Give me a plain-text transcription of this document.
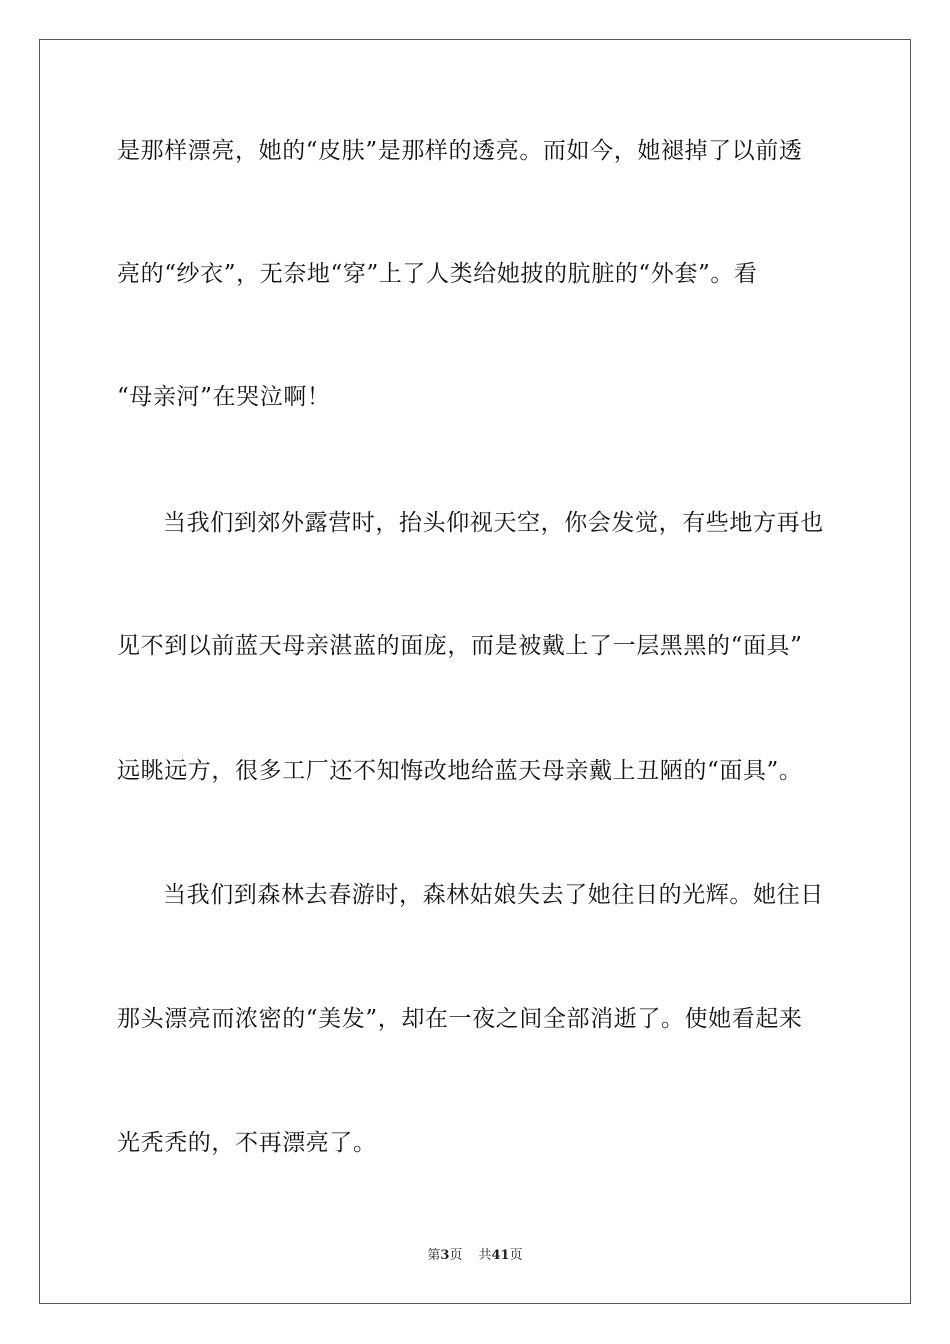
是那样漂亮，她的“皮肤”是那样的透亮。而如今，她褪掉了以前透
亮的“纱衣”，无奈地“穿”上了人类给她披的肮脏的“外套”。看
“母亲河”在哭泣啊！
当我们到郊外露营时，抬头仰视天空，你会发觉，有些地方再也
见不到以前蓝天母亲湛蓝的面庞，而是被戴上了一层黑黑的“面具”
远眺远方，很多工厂还不知悔改地给蓝天母亲戴上丑陋的“面具”。
当我们到森林去春游时，森林姑娘失去了她往日的光辉。她往日
那头漂亮而浓密的“美发”，却在一夜之间全部消逝了。使她看起来
光秃秃的，不再漂亮了。
第3页 共41页
